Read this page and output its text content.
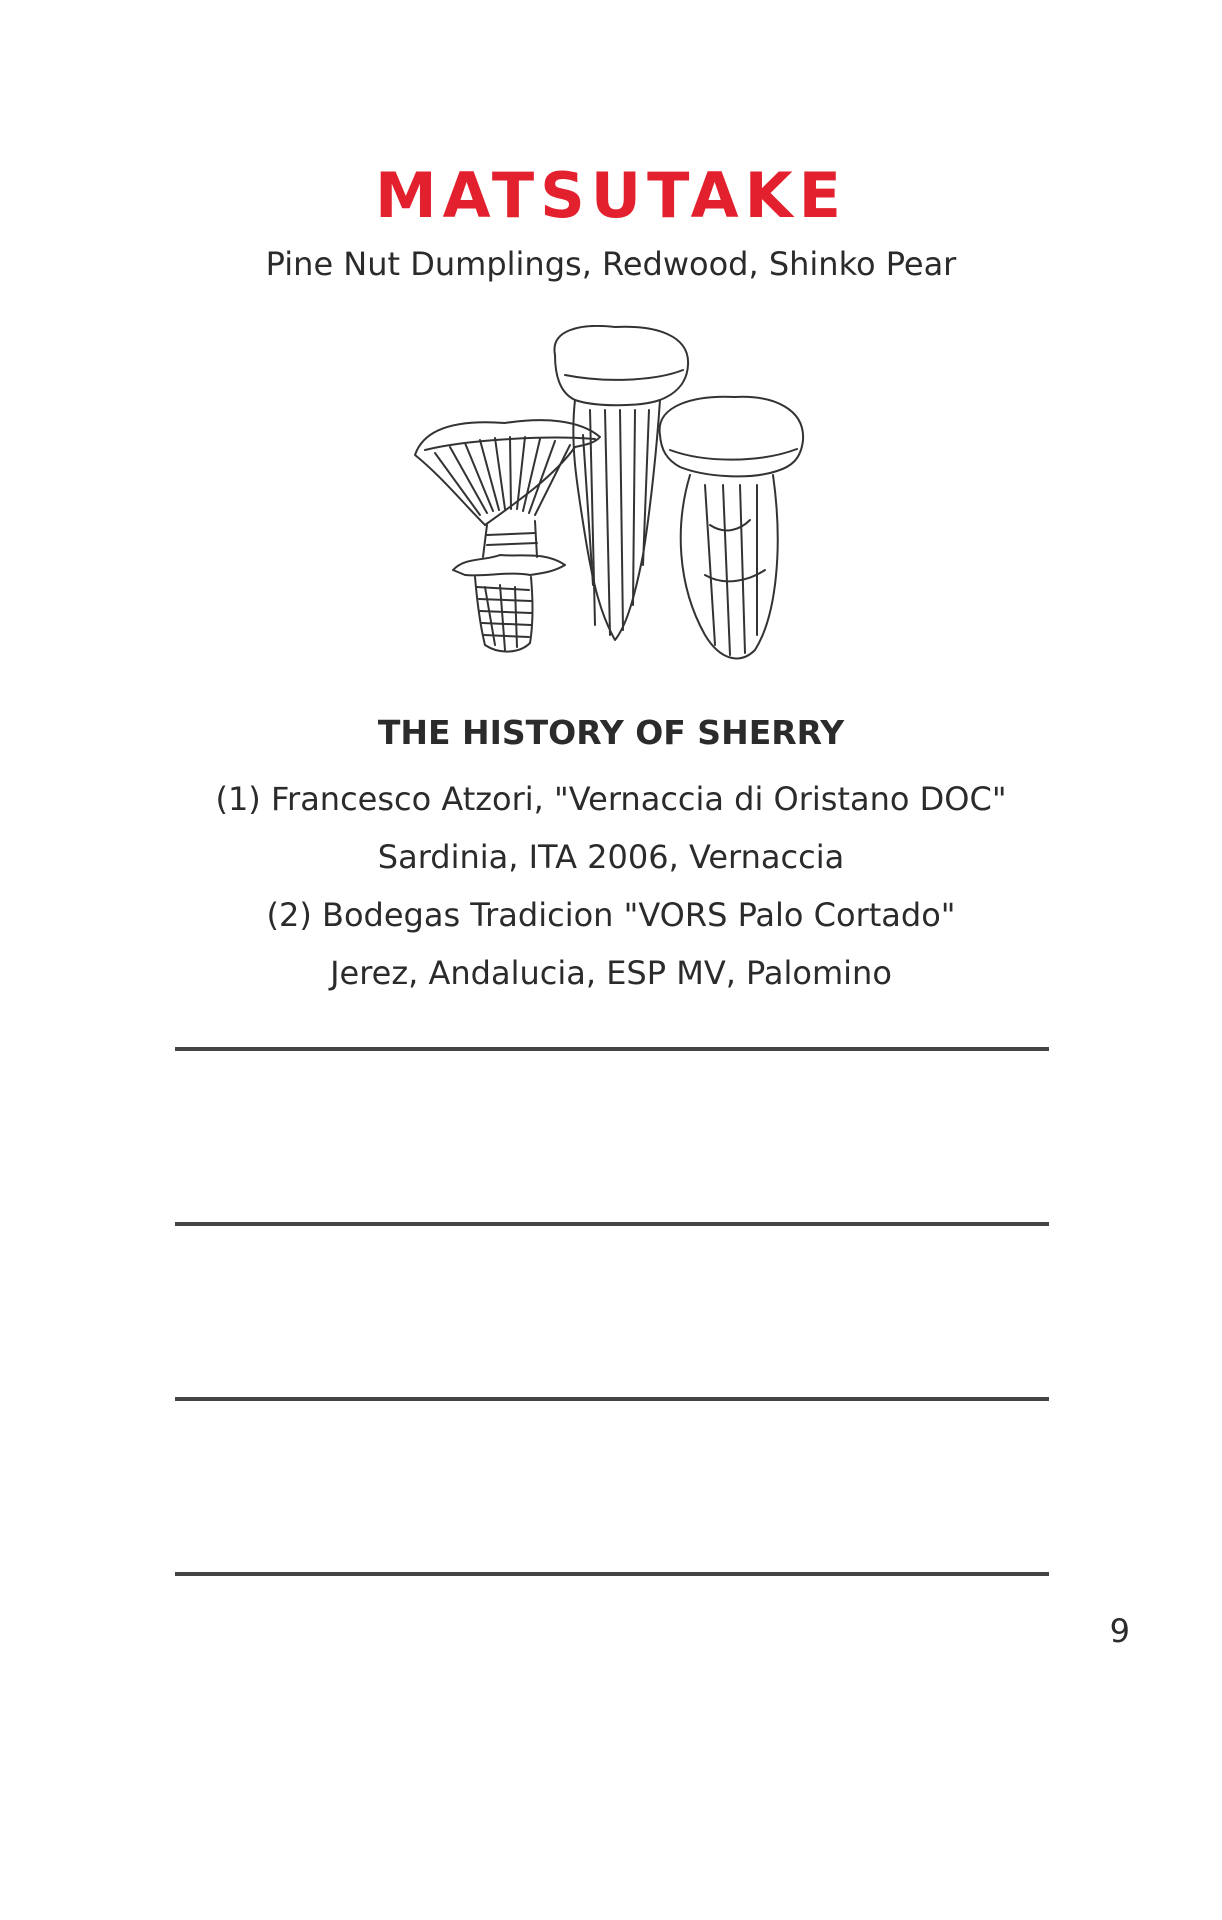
MATSUTAKE
Pine Nut Dumplings, Redwood, Shinko Pear
THE HISTORY OF SHERRY
(1) Francesco Atzori, "Vernaccia di Oristano DOC"
Sardinia, ITA 2006, Vernaccia
(2) Bodegas Tradicion "VORS Palo Cortado"
Jerez, Andalucia, ESP MV, Palomino
9
